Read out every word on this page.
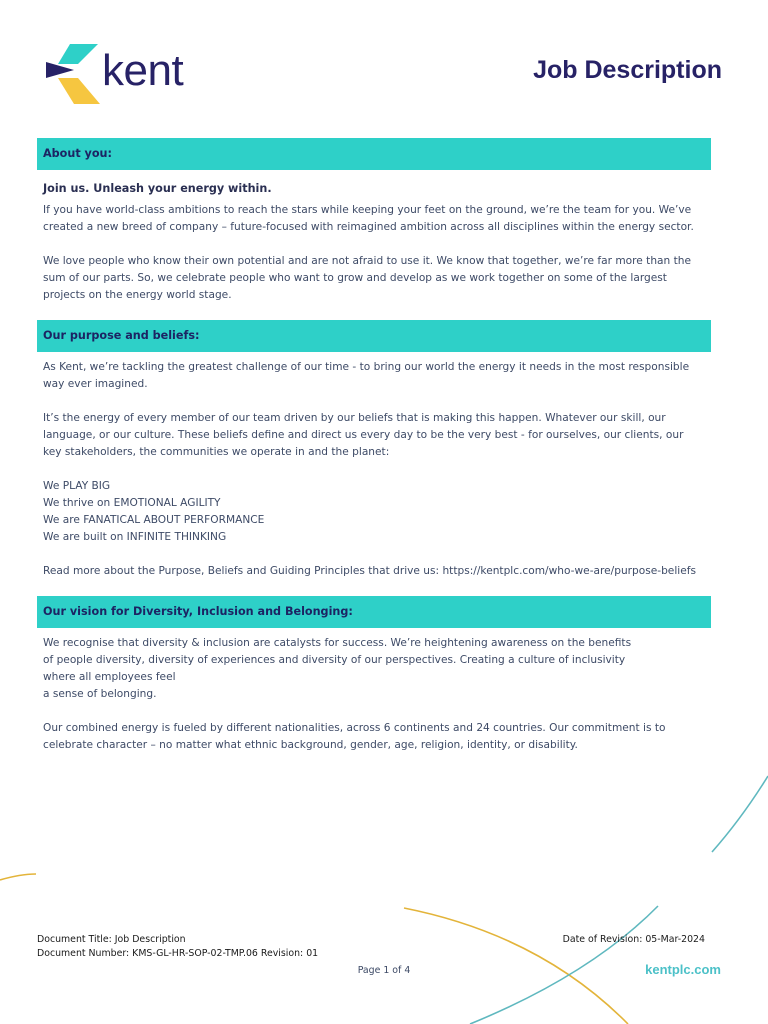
kent	Job Description
About you:
Join us. Unleash your energy within.

If you have world-class ambitions to reach the stars while keeping your feet on the ground, we’re the team for you. We’ve created a new breed of company – future-focused with reimagined ambition across all disciplines within the energy sector.

We love people who know their own potential and are not afraid to use it. We know that together, we’re far more than the sum of our parts. So, we celebrate people who want to grow and develop as we work together on some of the largest projects on the energy world stage.

Our purpose and beliefs:

As Kent, we’re tackling the greatest challenge of our time - to bring our world the energy it needs in the most responsible way ever imagined.

It’s the energy of every member of our team driven by our beliefs that is making this happen. Whatever our skill, our language, or our culture. These beliefs define and direct us every day to be the very best - for ourselves, our clients, our key stakeholders, the communities we operate in and the planet:

We PLAY BIG
We thrive on EMOTIONAL AGILITY
We are FANATICAL ABOUT PERFORMANCE
We are built on INFINITE THINKING

Read more about the Purpose, Beliefs and Guiding Principles that drive us: https://kentplc.com/who-we-are/purpose-beliefs

Our vision for Diversity, Inclusion and Belonging:

We recognise that diversity & inclusion are catalysts for success. We’re heightening awareness on the benefits of people diversity, diversity of experiences and diversity of our perspectives. Creating a culture of inclusivity where all employees feel

a sense of belonging.

Our combined energy is fueled by different nationalities, across 6 continents and 24 countries. Our commitment is to celebrate character – no matter what ethnic background, gender, age, religion, identity, or disability.

Document Title: Job Description
Document Number: KMS-GL-HR-SOP-02-TMP.06 Revision: 01
Date of Revision: 05-Mar-2024
Page 1 of 4	kentplc.com
